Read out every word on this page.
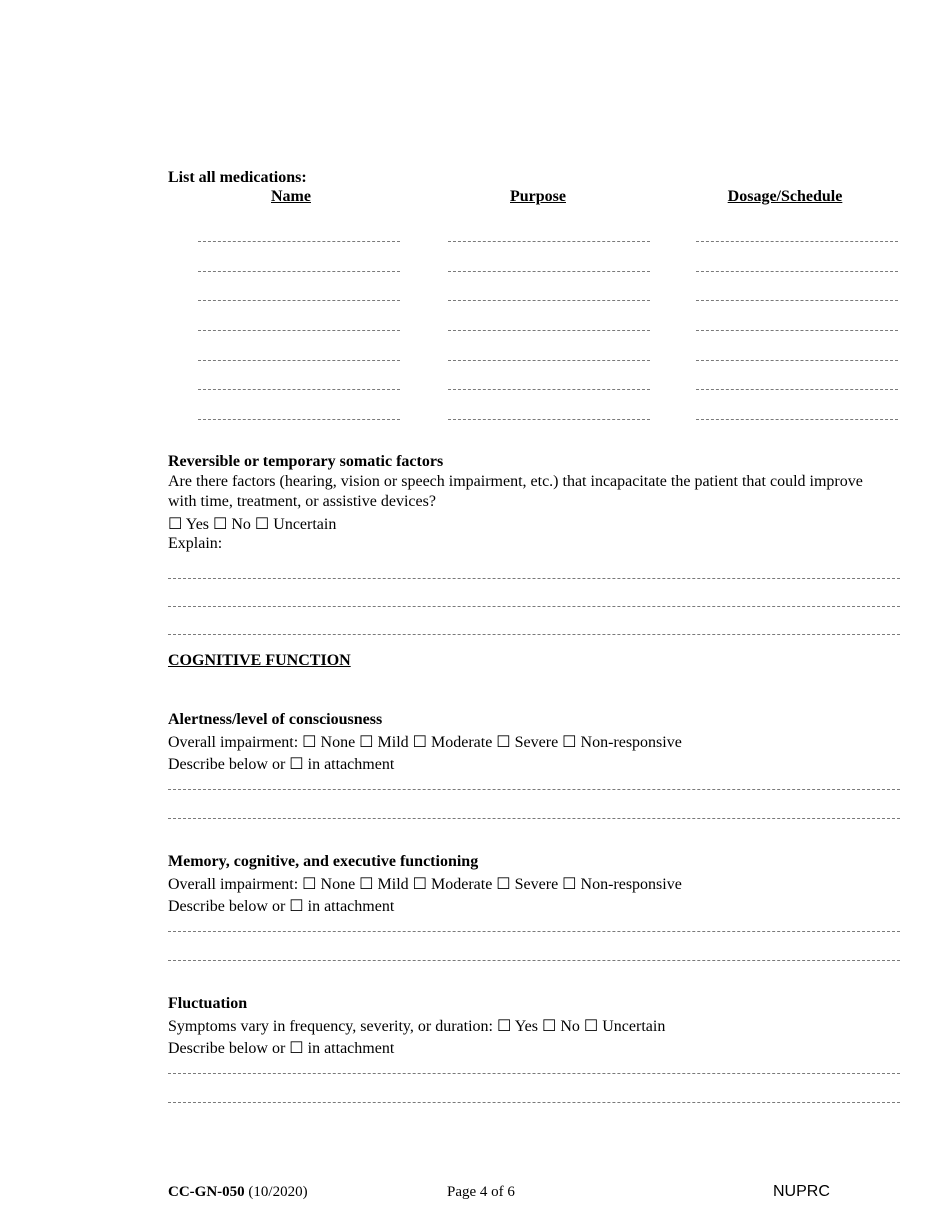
List all medications:
Name	Purpose	Dosage/Schedule
Reversible or temporary somatic factors
Are there factors (hearing, vision or speech impairment, etc.) that incapacitate the patient that could improve
with time, treatment, or assistive devices?
☐ Yes ☐ No ☐ Uncertain
Explain:
COGNITIVE FUNCTION
Alertness/level of consciousness
Overall impairment: ☐ None ☐ Mild ☐ Moderate ☐ Severe ☐ Non-responsive
Describe below or ☐ in attachment
Memory, cognitive, and executive functioning
Overall impairment: ☐ None ☐ Mild ☐ Moderate ☐ Severe ☐ Non-responsive
Describe below or ☐ in attachment
Fluctuation
Symptoms vary in frequency, severity, or duration: ☐ Yes ☐ No ☐ Uncertain
Describe below or ☐ in attachment
CC-GN-050 (10/2020)	Page 4 of 6	NUPRC
